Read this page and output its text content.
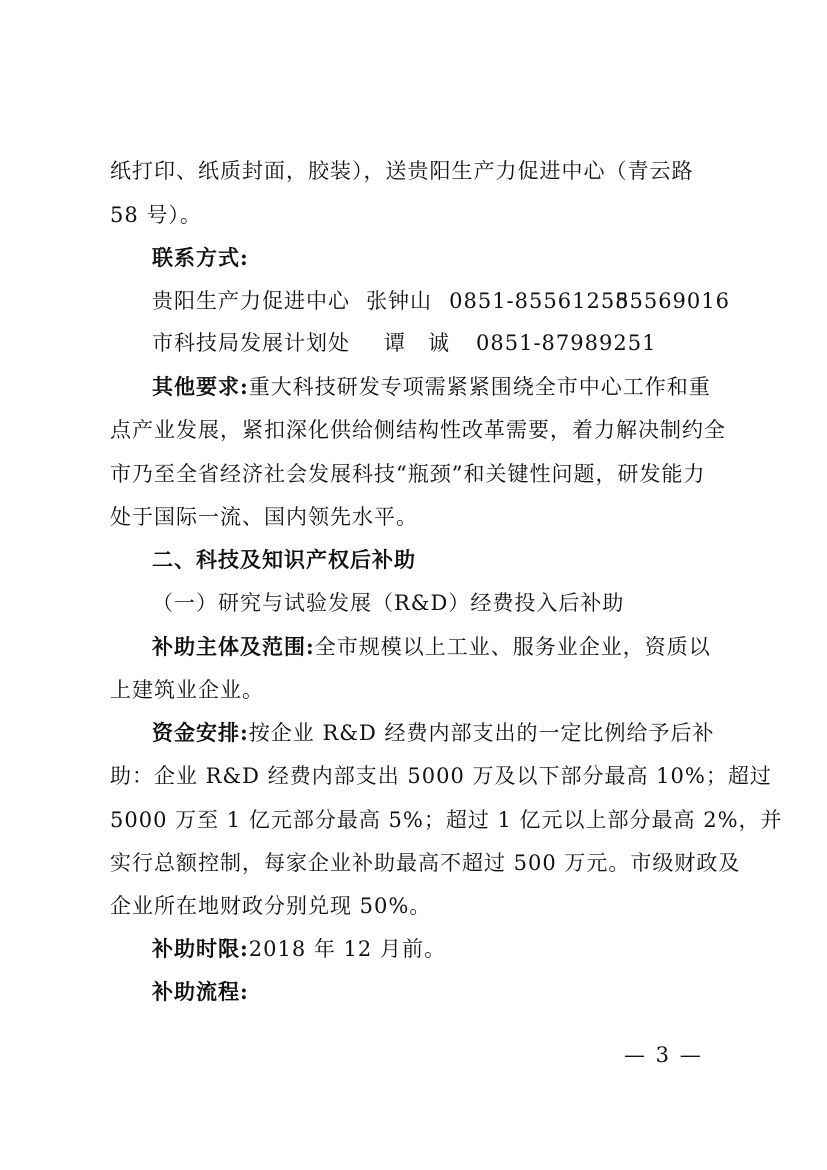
纸打印、纸质封面，胶装），送贵阳生产力促进中心（青云路
58 号）。
联系方式:
贵阳生产力促进中心 张钟山 0851-85561255
85569016
市科技局发展计划处	谭　诚	0851-87989251
其他要求:重大科技研发专项需紧紧围绕全市中心工作和重
点产业发展，紧扣深化供给侧结构性改革需要，着力解决制约全
市乃至全省经济社会发展科技“瓶颈”和关键性问题，研发能力
处于国际一流、国内领先水平。
二、科技及知识产权后补助
（一）研究与试验发展（R&D）经费投入后补助
补助主体及范围:全市规模以上工业、服务业企业，资质以
上建筑业企业。
资金安排:按企业 R&D 经费内部支出的一定比例给予后补
助：企业 R&D 经费内部支出 5000 万及以下部分最高 10%；超过
5000 万至 1 亿元部分最高 5%；超过 1 亿元以上部分最高 2%，并
实行总额控制，每家企业补助最高不超过 500 万元。市级财政及
企业所在地财政分别兑现 50%。
补助时限:2018 年 12 月前。
补助流程:
— 3 —
